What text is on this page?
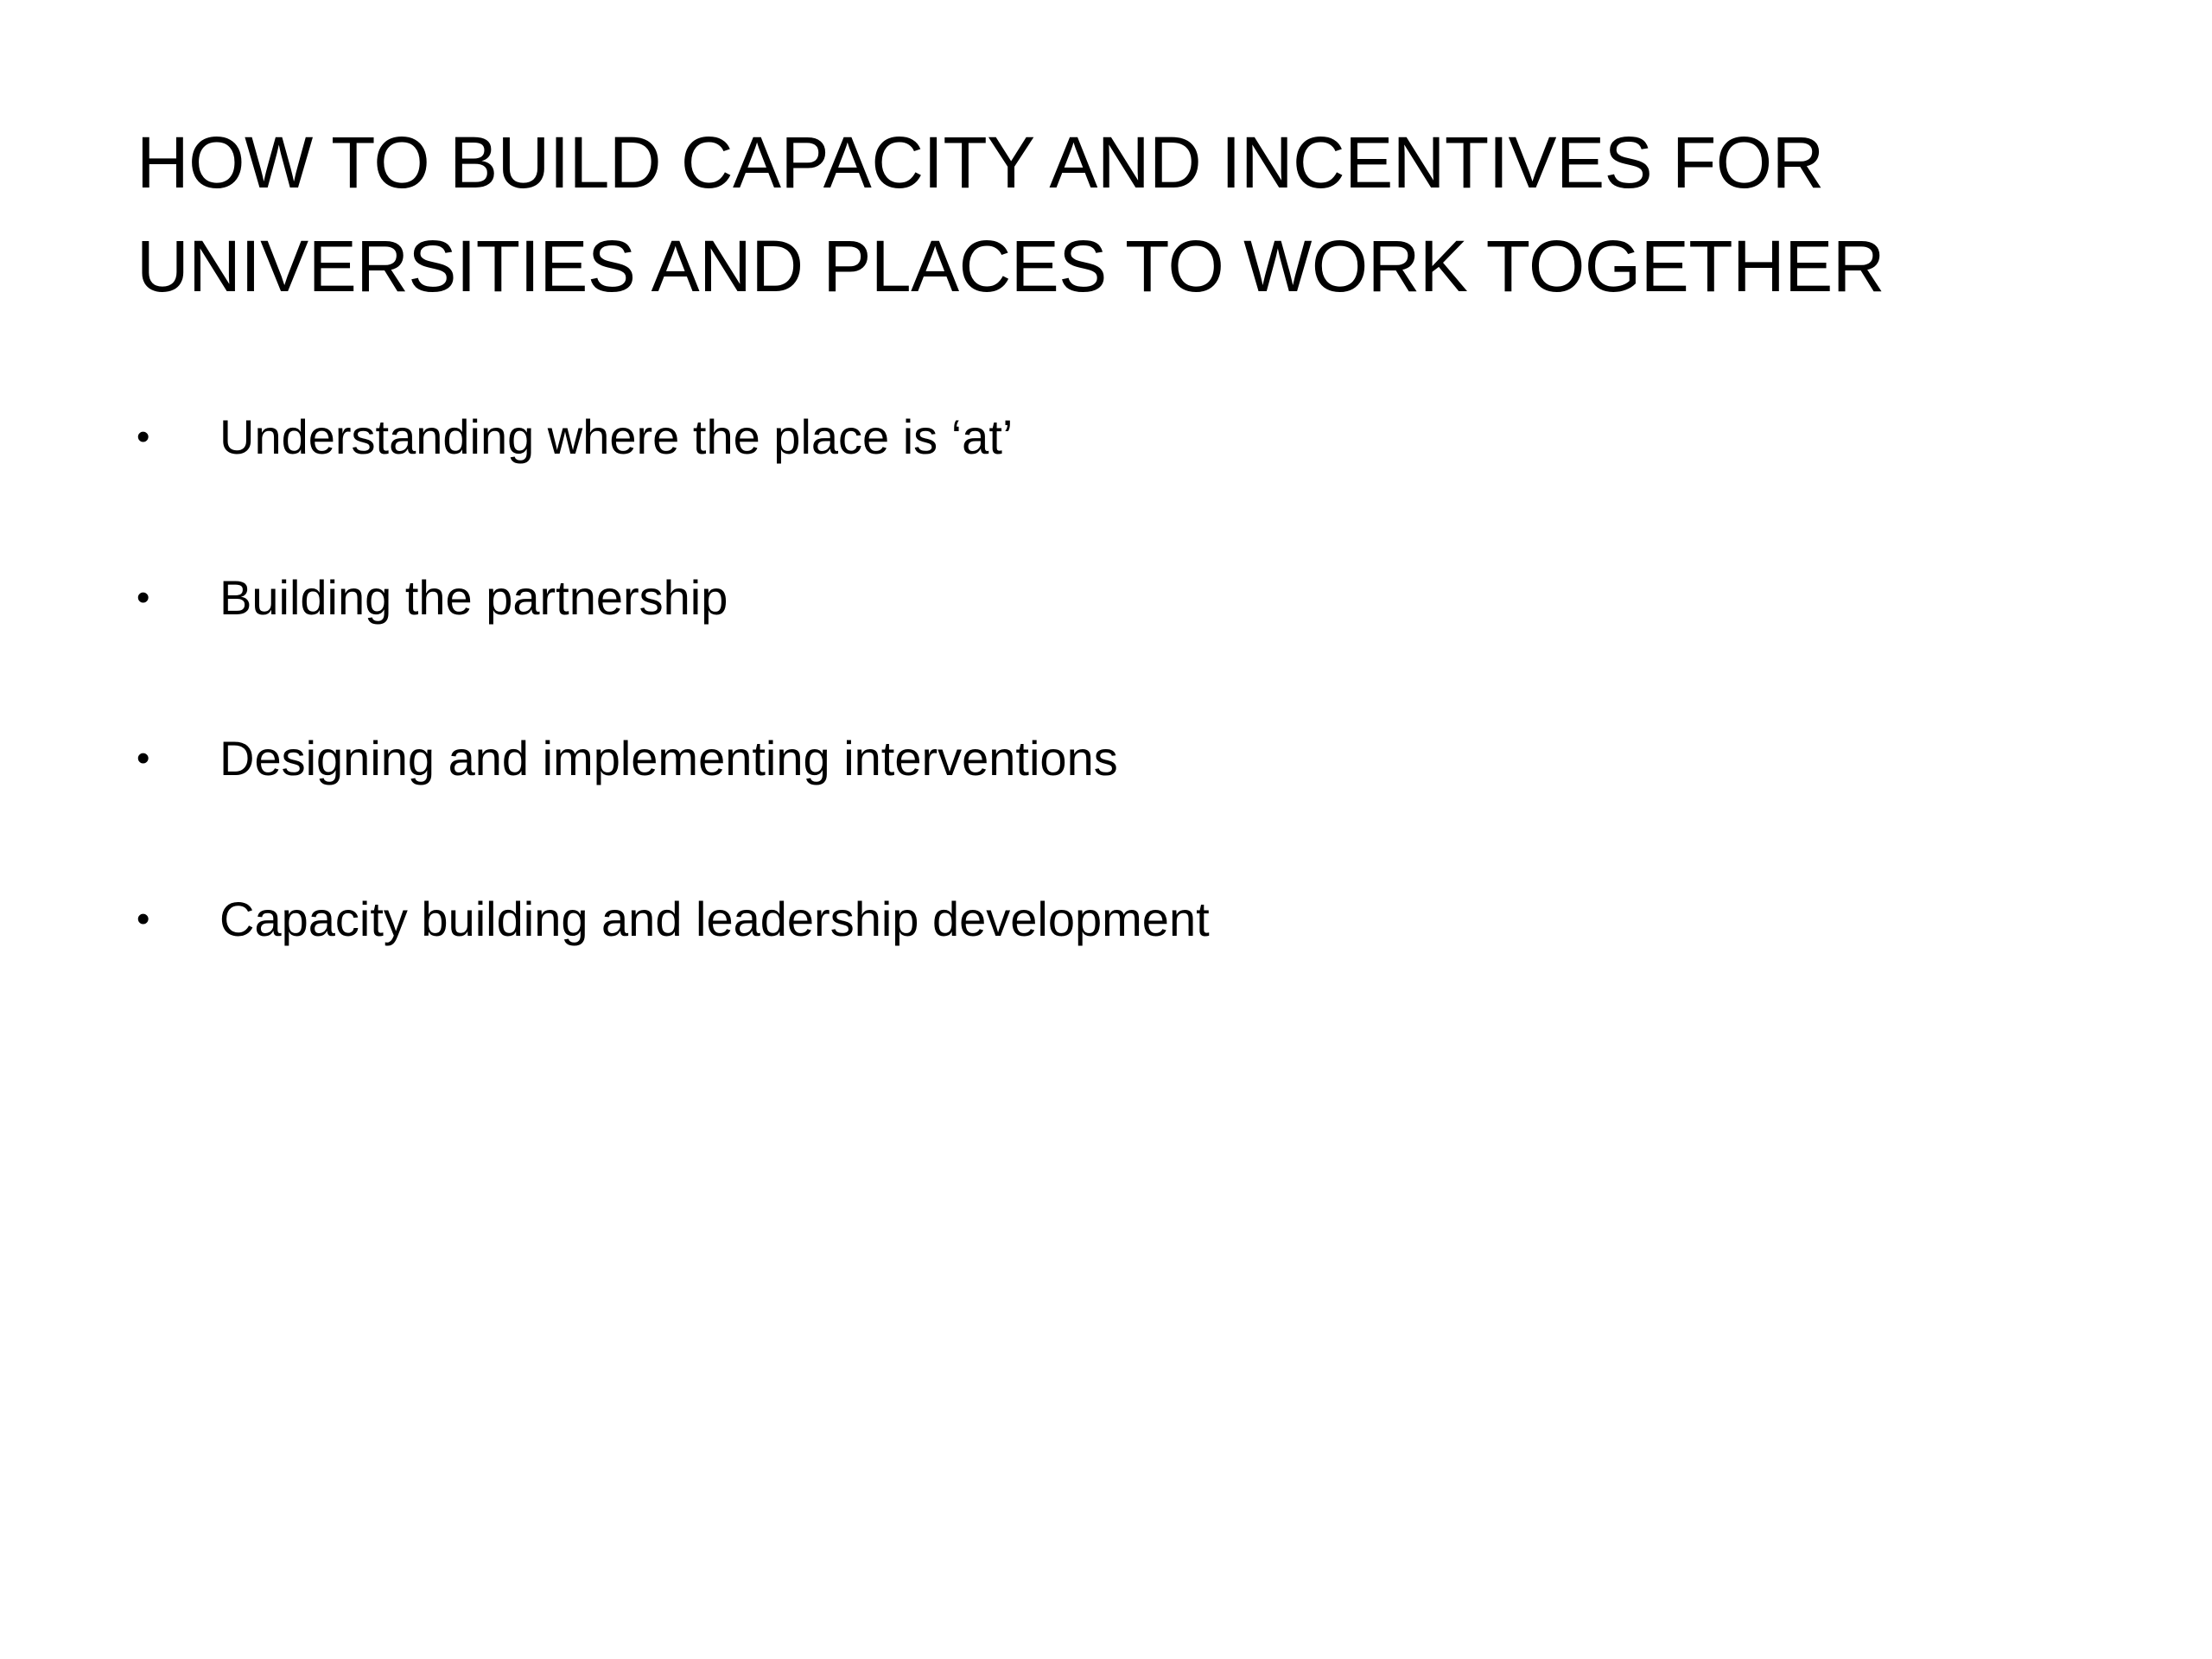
HOW TO BUILD CAPACITY AND INCENTIVES FOR
UNIVERSITIES AND PLACES TO WORK TOGETHER
•	Understanding where the place is ‘at’
•	Building the partnership
•	Designing and implementing interventions
•	Capacity building and leadership development
